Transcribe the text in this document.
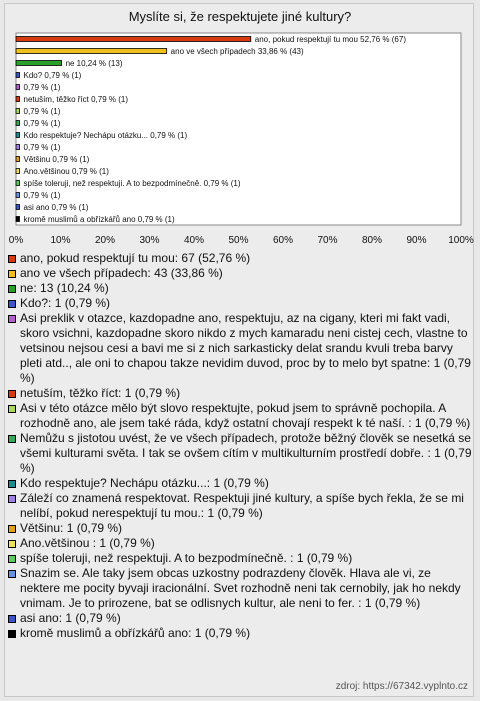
Myslíte si, že respektujete jiné kultury?
ano, pokud respektují tu mou 52,76 % (67)
ano ve všech případech 33,86 % (43)
ne 10,24 % (13)
Kdo? 0,79 % (1)
0,79 % (1)
netuším, těžko říct 0,79 % (1)
0,79 % (1)
0,79 % (1)
Kdo respektuje? Nechápu otázku... 0,79 % (1)
0,79 % (1)
Většinu 0,79 % (1)
Ano.většinou 0,79 % (1)
spíše toleruji, než respektuji. A to bezpodmínečně. 0,79 % (1)
0,79 % (1)
asi ano 0,79 % (1)
kromě muslimů a obřízkářů ano 0,79 % (1)
0%	10% 20% 30% 40% 50% 60% 70% 80% 90% 100%
ano, pokud respektují tu mou: 67 (52,76 %)
ano ve všech případech: 43 (33,86 %)
ne: 13 (10,24 %)
Kdo?: 1 (0,79 %)
Asi preklik v otazce, kazdopadne ano, respektuju, az na cigany, kteri mi fakt vadi, skoro vsichni, kazdopadne skoro nikdo z mych kamaradu neni cistej cech, vlastne to vetsinou nejsou cesi a bavi me si z nich sarkasticky delat srandu kvuli treba barvy pleti atd.., ale oni to chapou takze nevidim duvod, proc by to melo byt spatne: 1 (0,79 %)
netuším, těžko říct: 1 (0,79 %)
Asi v této otázce mělo být slovo respektujte, pokud jsem to správně pochopila. A rozhodně ano, ale jsem také ráda, když ostatní chovají respekt k té naší. : 1 (0,79 %)
Nemůžu s jistotou uvést, že ve všech případech, protože běžný člověk se nesetká se všemi kulturami světa. I tak se ovšem cítím v multikulturním prostředí dobře. : 1 (0,79 %)
Kdo respektuje? Nechápu otázku...: 1 (0,79 %)
Záleží co znamená respektovat. Respektuji jiné kultury, a spíše bych řekla, že se mi nelíbí, pokud nerespektují tu mou.: 1 (0,79 %)
Většinu: 1 (0,79 %)
Ano.většinou : 1 (0,79 %)
spíše toleruji, než respektuji. A to bezpodmínečně. : 1 (0,79 %)
Snazim se. Ale taky jsem obcas uzkostny podrazdeny človĕk. Hlava ale vi, ze nektere me pocity byvaji iracionální. Svet rozhodně neni tak cernobily, jak ho nekdy vnimam. Je to prirozene, bat se odlisnych kultur, ale neni to fer. : 1 (0,79 %)
asi ano: 1 (0,79 %)
kromě muslimů a obřízkářů ano: 1 (0,79 %)
zdroj: https://67342.vyplnto.cz
